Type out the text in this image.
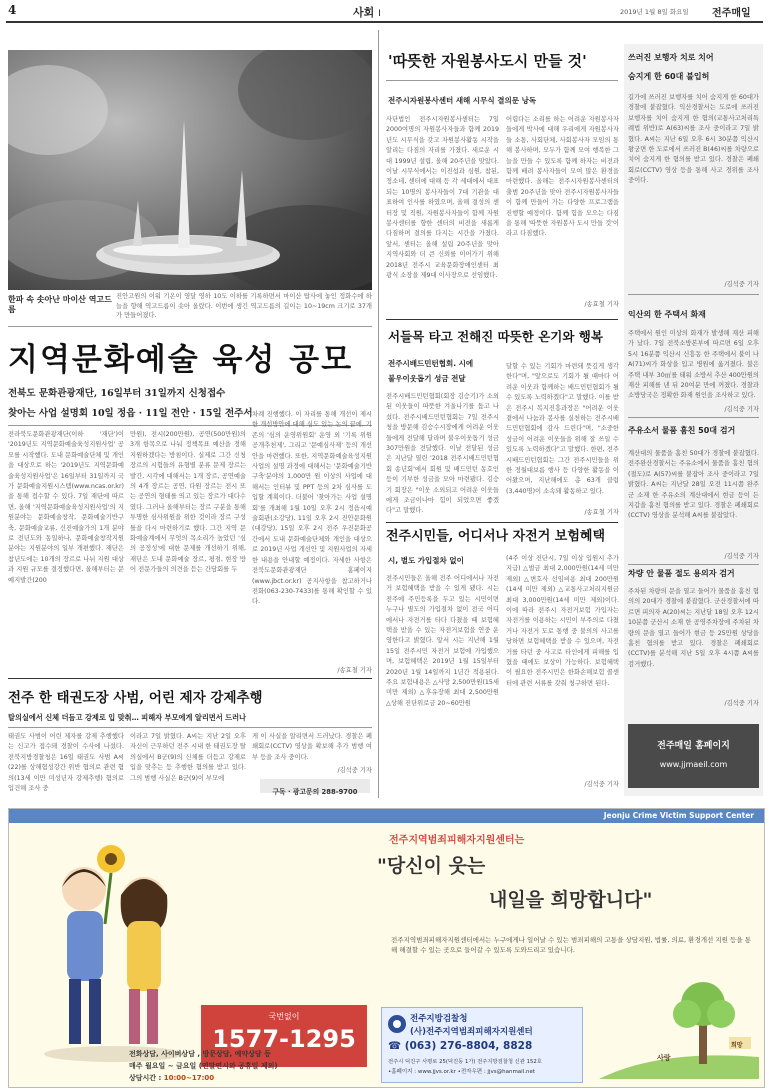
4	사회 I	2019년 1월 8일 화요일 전주매일
한파 속 솟아난 마이산 역고드름
진안고원의 이워 기온이 영달 영하 10도 이하를 기록하면서 마이산 탑사에 놓인 정화수에 하늘을 향해 역고드름이 솟아 올랐다. 이번에 생긴 역고드름의 길이는 10~19cm 크기로 37개가 만들어졌다.
지역문화예술 육성 공모
전북도 문화관광재단, 16일부터 31일까지 신청접수
찾아는 사업 설명회 10일 정읍 · 11일 전안 · 15일 전주서
전라북도문화관광재단(이하 '재단')이 '2019년도 지역문화예술육성지원사업' 공모를 시작했다. 도내 문화예술단체 및 개인을 대상으로 하는 '2019년도 지역문화예술육성지원사업'은 16일부터 31일까지 국가 문화예술지원시스템(www.ncas.or.kr)을 통해 접수할 수 있다. 7일 재단에 따르면, 올해 '지역문화예술육성지원사업'의 지원분야는 문화예술창작, 문화예술기반구축, 문화예술교류, 신진예술가의 1개 분야로 전년도와 동일하나, 문화예술창작지원 분야는 지원분야의 일부 개편했다. 재단은 참년도에는 10개의 장르로 나뉘 지원 대상과 지원 규모를 결정했다면, 올해부터는 문예지발간(200
만원), 전시(200만원), 공연(500만원)의 3개 항목으로 나눠 정책목표 예산을 정해 지원하겠다는 방침이다. 실제로 그간 신청 장르의 시험들의 유형별 분류 문제 장르는 발간, 시각에 대해서는 1개 장르, 공연예술의 4개 장르는 공연, 다원 장르는 전시 또는 공연의 형태를 띄고 있는 장르가 대다수였다. 그러나 올해부터는 장르 구분을 통해 투명한 심사위원을 위한 것이라 장르 구성 틀을 다시 마련하기로 했다. 그간 지역 문화예술계에서 무엇의 목소리가 높았던 '심의 공정성'에 대한 문제를 개선하기 위해, 재단은 도내 문화예술 장르, 평점, 현장 방어 전문가들의 의견을 듣는 간담회를 두
차례 진행했다. 이 자리를 통해 개선이 제시한 개선방안에 대해 심도 있는 논의 끝에, 기존의 '심의 운영위원회' 운영 외 '기록 위원 공개추천제', 그리고 '문예심사제' 등의 개선안을 마련했다. 또한, 지역문화예술육성지원사업의 설명 과정에 대해서는 '문화예술기반구축'분야의 1,000만 원 이상의 사업에 대해서는 인터뷰 및 PPT 등의 2차 심사를 도입할 계획이다. 더불어 '찾아가는 사업 설명회'를 개최해 1월 10일 오후 2시 정읍시예술회관(소강당), 11일 오후 2시 진안문화원(대강당), 15일 오후 2시 전주 우진문화공간에서 도내 문화예술단체와 개인을 대상으로 2019년 사업 개선안 및 지원사업의 자세한 내용을 안내할 예정이다. 자세한 사항은 전북도문화관광재단 홈페이지(www.jbct.or.kr) 공지사항을 참고하거나 전화(063-230-7433)를 통해 확인할 수 있다.
/송효철 기자
전주 한 태권도장 사범, 어린 제자 강제추행
탈의실에서 신체 더듬고 강제로 입 맞춰… 피해자 부모에게 알리면서 드러나
태권도 사범이 어린 제자를 강제 추행했다는 신고가 접수돼 경찰이 수사에 나섰다. 전북지방경찰청은 16일 태권도 사범 A씨(22)를 상해혐성강간 위반 협의로 관련 혐의(13세 이만 미성년자 강제추행) 혐의로 입건해 조사 중
이라고 7일 밝혔다. A씨는 지난 2일 오후 자신이 근무하던 전주 시내 한 태권도장 탈의실에서 B군(9)의 신체를 더듬고 강제로 입을 맞추는 등 추행한 혐의를 받고 있다. 그의 범행 사실은 B군(9)이 부모에
게 이 사실을 알리면서 드러났다. 경찰은 폐쇄회로(CCTV) 영상을 확보해 추가 범행 여부 등을 조사 중이다.
/김석중 기자
구독 · 광고문의 288-9700
'따뜻한 자원봉사도시 만들 것'
전주시자원봉사센터 새해 시무식 결의문 낭독
사단법인 전주시자원봉사센터는 7일 2000여명의 자원봉사자들과 함께 2019년도 시무식을 갖고 자원봉사활동 시작을 알리는 다짐의 자리를 가졌다. 새로운 시대 1999년 설립, 올해 20주년을 맞았다. 이날 시무식에서는 이진섭과 심원, 참된, 정소네, 센터에 대해 등 각 세대에서 대표되는 10명의 봉사자들이 7대 기관을 대표하여 인사를 하였으며, 올해 결성의 센터장 및 직원, 자원봉사자들이 함께 자원봉사센터를 향한 센터의 비전을 새롭게 다짐하며 결의를 다지는 시간을 가졌다. 앞서, 센터는 올해 설립 20주년을 맞아 지역사회와 더 큰 신뢰를 이어가기 위해 2018년 전주시 교육문화장애인센터 최광식 소장을 제9대 이사장으로 선임했다.
어렵다는 소리를 하는 어려운 자원봉사자들에게 박사에 대해 우리에게 자원봉사자들 소통, 사회단체, 사회봉사자 모임의 통해 봉사하며, 모두가 함께 모여 행복한 그늘을 만들 수 있도록 함께 하자는 비전과 함께 배려 봉사자들이 모여 많은 환경을 마련했다. 올해는 전주시자원봉사센터의 출범 20주년을 맞아 전주시자원봉사자들이 함께 만들어 가는 다양한 프로그램을 진행할 예정이다. 함께 힘을 모으는 다짐을 통해 '따뜻한 자원봉사 도시 만들 것'이라고 다짐했다.
/송효철 기자
서들목 타고 전해진 따뜻한 온기와 행복
전주시배드민턴협회. 시에
불우이웃돕기 성금 전달
전주시배드민턴협회(회장 김승기)가 소외된 이웃들이 따뜻한 겨울나기를 돕고 나섰다. 전주시배드민턴협회는 7일 전주시청을 방문해 김승수시장에게 어려운 이웃들에게 전달해 달라며 불우이웃돕기 성금 307만원을 전달했다. 이날 전달된 성금은 지난달 열린 '2018 전주시배드민턴협회 송년회'에서 회원 및 배드민턴 동호인 등이 기부한 성금을 모아 마련됐다. 김승기 회장은 "이웃 소외되고 어려운 이웃들에게 조금이나마 힘이 되었으면 좋겠다"고 말했다.
달할 수 있는 기회가 마련돼 뜻깊게 생각한다"며, "앞으로도 기회가 될 때마다 어려운 이웃과 함께하는 배드민턴협회가 될 수 있도록 노력하겠다"고 말했다. 이를 받은 전주시 복지진흥과장은 "어려운 이웃 곁에서 나눔과 봉사를 실천하는 전주시배드민턴협회에 감사 드린다"며, "소중한 성금이 어려운 이웃들을 위해 잘 쓰일 수 있도록 노력하겠다"고 말했다. 한편, 전주시배드민턴협회는 그간 전주시민들을 위한 정월대보름 행사 등 다양한 활동을 이어왔으며, 지난해에도 총 63개 클럽(3,440명)이 소속돼 활동하고 있다.
/송효철 기자
전주시민들, 어디서나 자전거 보험혜택
시, 별도 가입절차 없이
전주시민들은 올해 전주 어디에서나 자전거 보험혜택을 받을 수 있게 됐다. 시는 전주에 주민등록을 두고 있는 시민이면 누구나 별도의 가입절차 없이 전국 어디에서나 자전거를 타다 다쳤을 때 보험혜택을 받을 수 있는 자전거보험을 연중 운영한다고 밝혔다. 앞서 시는 지난해 1월 15일 전주시민 자전거 보험에 가입했으며, 보험혜택은 2019년 1월 15일부터 2020년 1월 14일까지 1년간 적용된다. 주요 보험내용은 △사망 2,500만원(15세 미만 제외) △후유장해 최대 2,500만원 △상해 진단위로금 20~60만원
(4주 이상 진단시, 7일 이상 입원시 추가 지급) △벌금 최대 2,000만원(14세 미만 제외) △변호사 선임비용 최대 200만원(14세 미만 제외) △교통사고처리지원금 최대 3,000만원(14세 미만 제외)이다. 이에 따라 전주시 자전거보험 가입자는 자전거를 이용하는 시민이 부주의로 다쳤거나 자전거 도로 통행 중 불의의 사고를 당하면 보험혜택을 받을 수 있으며, 자전거를 타던 중 사고로 타인에게 피해를 입혔을 때에도 보상이 가능하다. 보험혜택이 필요한 전주시민은 한화손해보험 콜센터에 관련 서류를 갖춰 청구하면 된다.
/김석중 기자
쓰러진 보행자 치로 치어
숨지게 한 60대 불입허
길가에 쓰러진 보행자를 치어 숨지게 한 60대가 경찰에 붙잡혔다. 익산경찰서는 도로에 쓰러진 보행자를 치어 숨지게 한 혐의(교통사고처리특례법 위반)로 A(63)씨를 조사 중이라고 7일 밝혔다. A씨는 지난 6일 오후 6시 30분쯤 익산시 왕궁면 한 도로에서 쓰러진 B(46)씨를 차량으로 치어 숨지게 한 혐의를 받고 있다. 경찰은 폐쇄회로(CCTV) 영상 등을 통해 사고 경위를 조사 중이다.
/김석중 기자
익산의 한 주택서 화재
주택에서 원인 미상의 화재가 발생해 재산 피해가 났다. 7일 전북소방본부에 따르면 6일 오후 5시 16분쯤 익산시 신흥동 한 주택에서 불이 나 A(71)씨가 화상을 입고 병원에 옮겨졌다. 불은 주택 내부 30㎡를 태워 소방서 추산 400만원의 재산 피해를 낸 뒤 20여분 만에 꺼졌다. 경찰과 소방당국은 정확한 화재 원인을 조사하고 있다.
/김석중 기자
주유소서 물품 훔친 50대 검거
계산대의 물품을 훔친 50대가 경찰에 붙잡혔다. 전주완산경찰서는 주유소에서 물품을 훔친 혐의(절도)로 A(57)씨를 붙잡아 조사 중이라고 7일 밝혔다. A씨는 지난달 28일 오전 11시쯤 완주군 소재 한 주유소의 계산대에서 현금 등이 든 지갑을 훔친 혐의를 받고 있다. 경찰은 폐쇄회로(CCTV) 영상을 분석해 A씨를 붙잡았다.
/김석중 기자
차량 안 물품 절도 용의자 검거
주차된 차량의 문을 열고 들어가 물품을 훔친 혐의의 20대가 경찰에 붙잡혔다. 군산경찰서에 따르면 피의자 A(20)씨는 지난달 18일 오후 12시 10분쯤 군산시 소재 한 공영주차장에 주차된 차량의 문을 열고 들어가 현금 등 25만원 상당을 훔친 혐의를 받고 있다. 경찰은 폐쇄회로(CCTV)를 분석해 지난 5일 오후 4시쯤 A씨를 검거했다.
/김석중 기자
전주매일 홈페이지
www.jjmaeil.com
Jeonju Crime Victim Support Center
국번없이
1577-1295
전화상담, 사이버상담 , 방문상담, 예약상담 등
매주 월요일 ~ 금요일 (연말연시와 공휴일 제외)
상담시간 : 10:00~17:00
전주지역범죄피해자지원센터는
"당신이 웃는
내일을 희망합니다"
전주지역범죄피해자지원센터에서는 누구에게나 일어날 수 있는 범죄피해의 고통을 상담지원, 법률, 의료, 환경개선 지원 등을 통해 해결할 수 있는 곳으로 들어갈 수 있도록 도와드리고 있습니다.
전주지방검찰청
(사)전주지역범죄피해자지원센터
☎ (063) 276-8804, 8828
전주시 덕진구 사평로 25(덕진동 1가) 전주지방검찰청 신관 152호
•홈페이지 : www.jjvs.or.kr •전자우편 : jjvs@hanmail.net
사랑
희망
